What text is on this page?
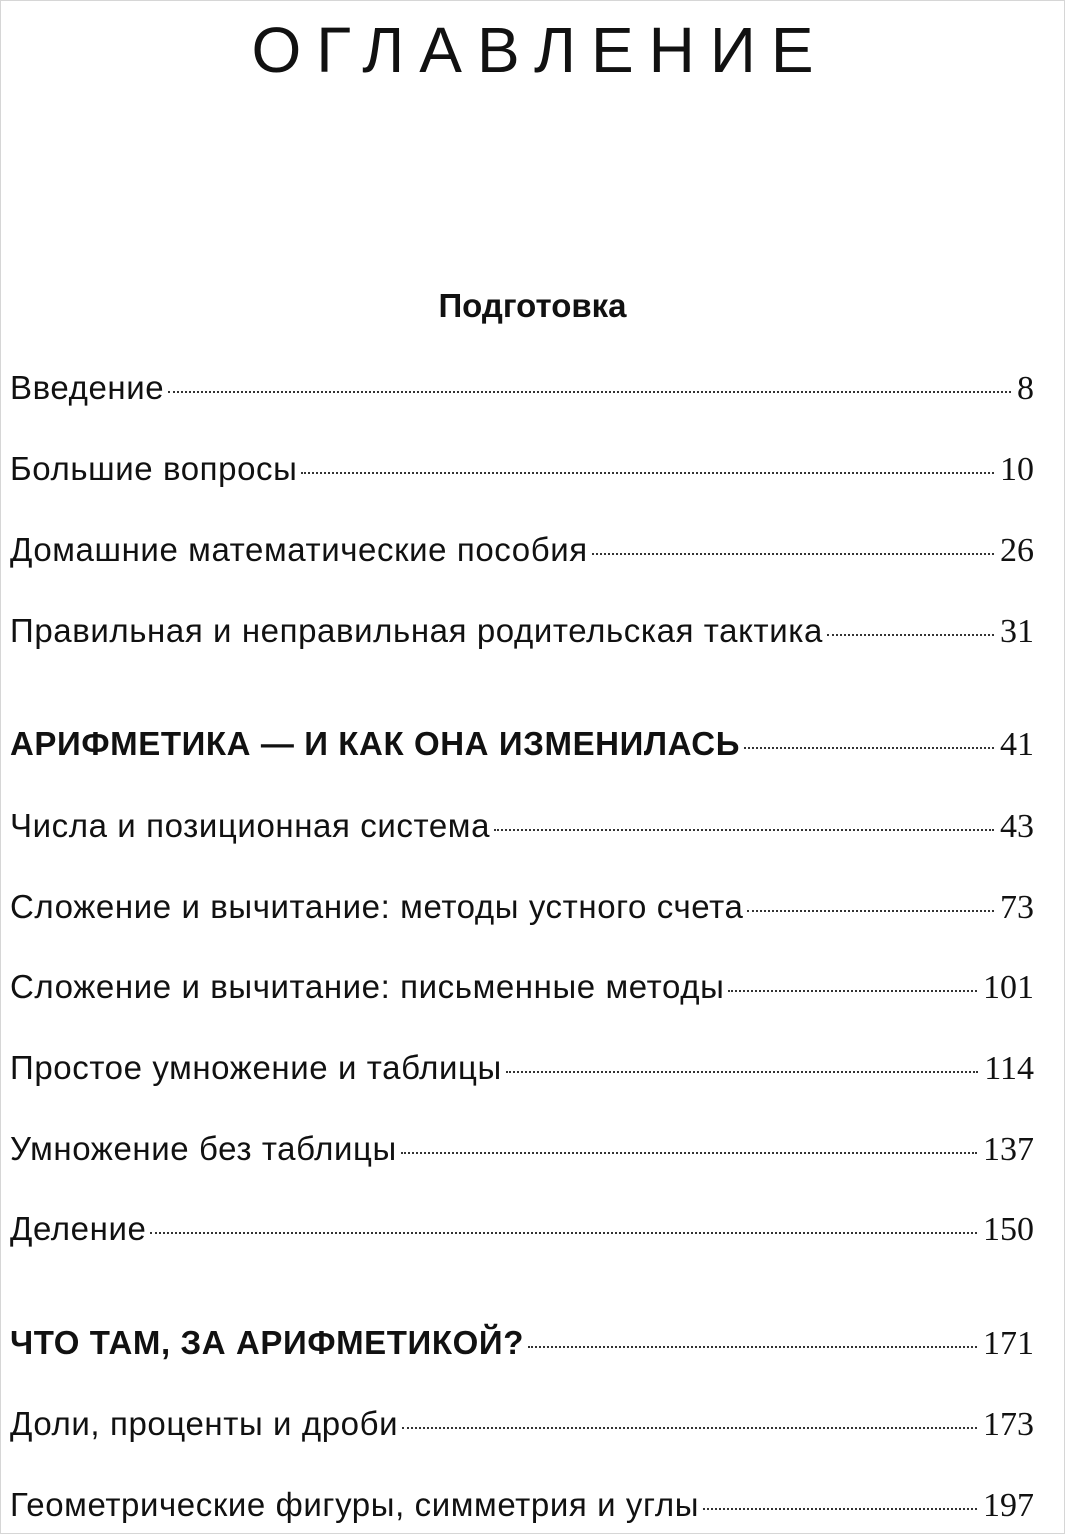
ОГЛАВЛЕНИЕ
Подготовка
Введение	8
Большие вопросы	10
Домашние математические пособия	26
Правильная и неправильная родительская тактика	31
АРИФМЕТИКА — И КАК ОНА ИЗМЕНИЛАСЬ	41
Числа и позиционная система	43
Сложение и вычитание: методы устного счета	73
Сложение и вычитание: письменные методы	101
Простое умножение и таблицы	114
Умножение без таблицы	137
Деление	150
ЧТО ТАМ, ЗА АРИФМЕТИКОЙ?	171
Доли, проценты и дроби	173
Геометрические фигуры, симметрия и углы	197
